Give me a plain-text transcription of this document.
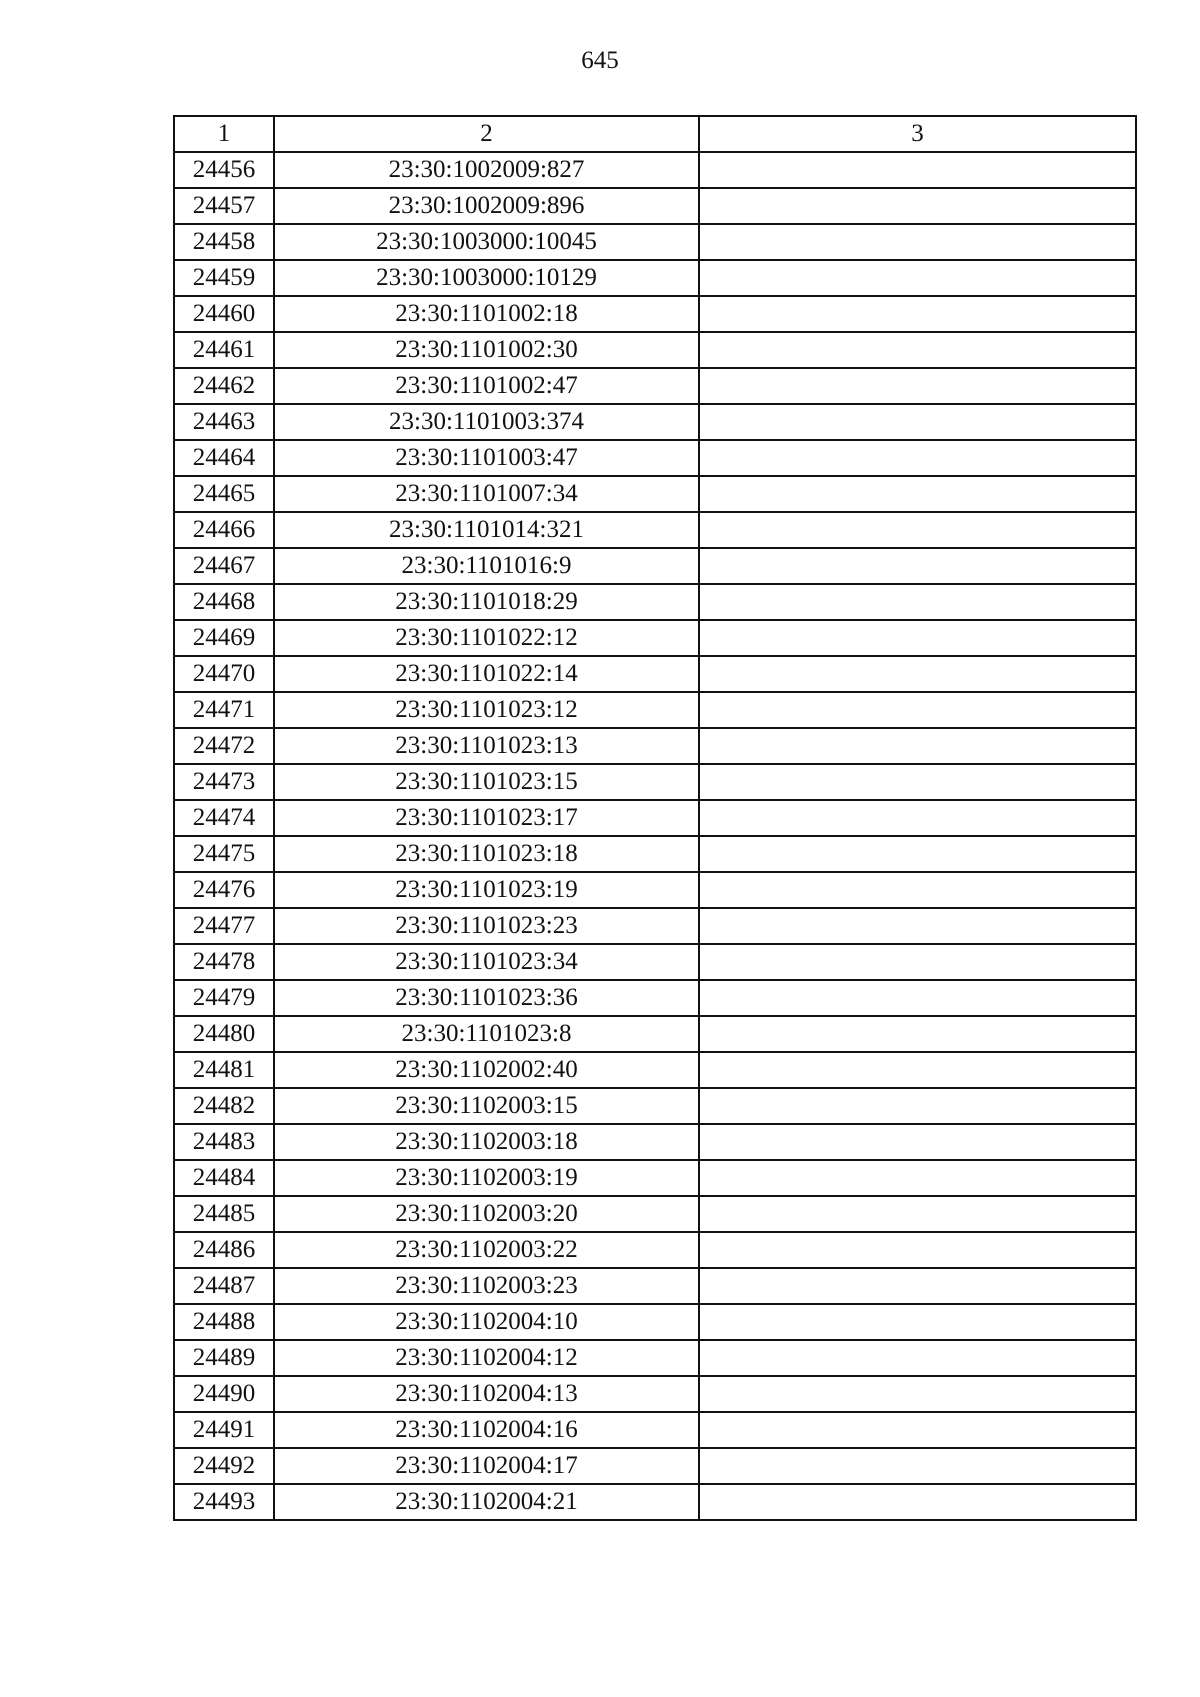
645
1	2	3
24456	23:30:1002009:827	
24457	23:30:1002009:896	
24458	23:30:1003000:10045	
24459	23:30:1003000:10129	
24460	23:30:1101002:18	
24461	23:30:1101002:30	
24462	23:30:1101002:47	
24463	23:30:1101003:374	
24464	23:30:1101003:47	
24465	23:30:1101007:34	
24466	23:30:1101014:321	
24467	23:30:1101016:9	
24468	23:30:1101018:29	
24469	23:30:1101022:12	
24470	23:30:1101022:14	
24471	23:30:1101023:12	
24472	23:30:1101023:13	
24473	23:30:1101023:15	
24474	23:30:1101023:17	
24475	23:30:1101023:18	
24476	23:30:1101023:19	
24477	23:30:1101023:23	
24478	23:30:1101023:34	
24479	23:30:1101023:36	
24480	23:30:1101023:8	
24481	23:30:1102002:40	
24482	23:30:1102003:15	
24483	23:30:1102003:18	
24484	23:30:1102003:19	
24485	23:30:1102003:20	
24486	23:30:1102003:22	
24487	23:30:1102003:23	
24488	23:30:1102004:10	
24489	23:30:1102004:12	
24490	23:30:1102004:13	
24491	23:30:1102004:16	
24492	23:30:1102004:17	
24493	23:30:1102004:21	
